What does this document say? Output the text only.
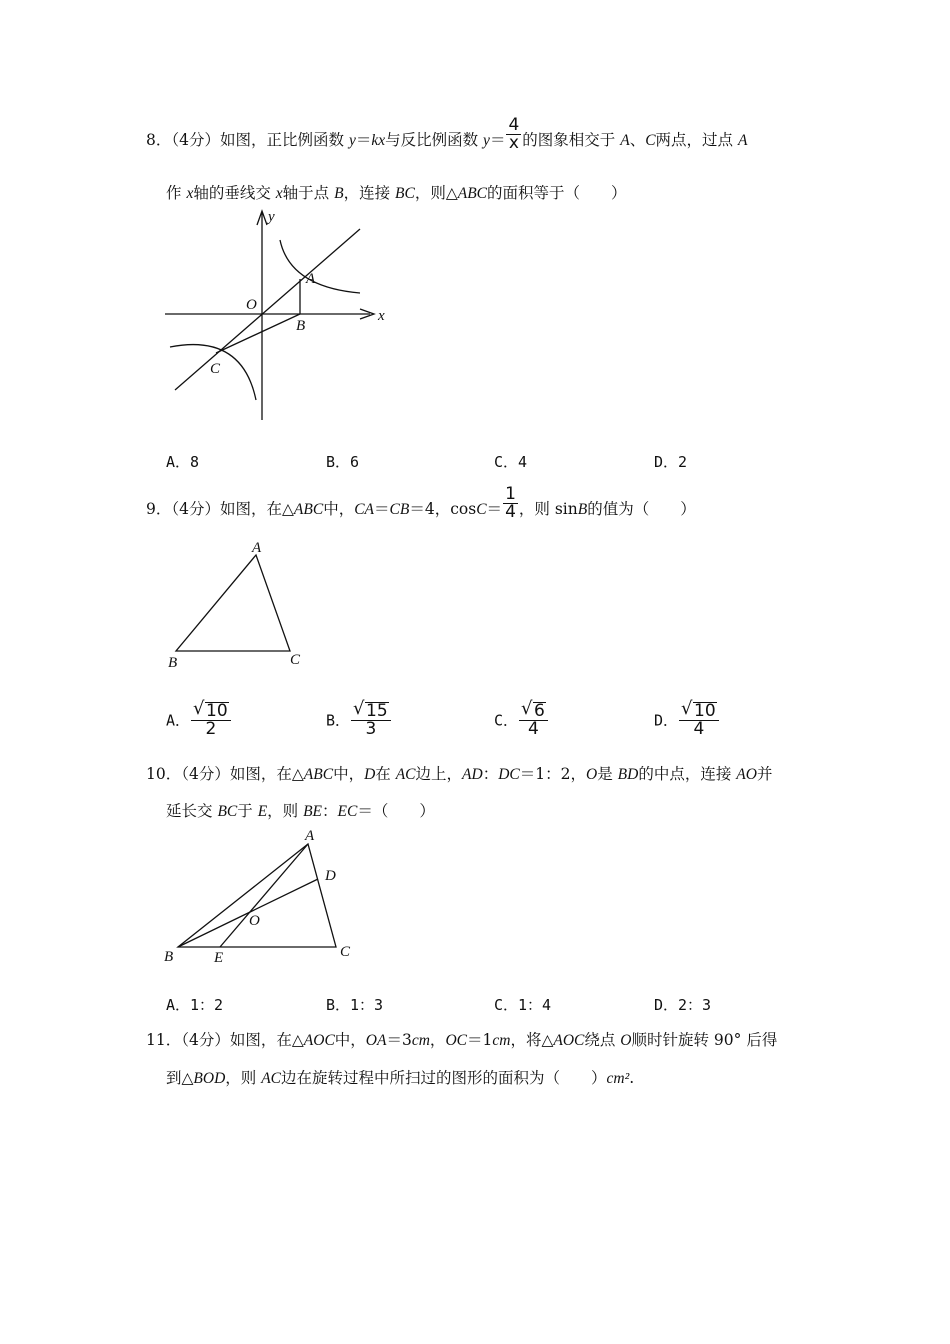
8．（4分）如图，正比例函数 y＝kx与反比例函数 $y= \frac{4}{x}$ 的图象相交于 A、C两点，过点 A
作 x轴的垂线交 x轴于点 B，连接 BC，则△ABC的面积等于（　　）
y
x
O
A
B
C
A．8	B．6	C．4	D．2
9．（4分）如图，在△ABC中，CA＝CB＝4，$\cos C= \frac{1}{4}$ ，则 sinB的值为（　　）
A
B	C
A． $\frac{√ 10}{2}$	B． $\frac{√ 15}{3}$	C． $\frac{√ 6}{4}$	D． $\frac{√ 10}{4}$
10．（4分）如图，在△ABC中，D在 AC边上，AD：DC＝1：2，O是 BD的中点，连接 AO并
延长交 BC于 E，则 BE：EC＝（　　）
A
B	C
D
E
O
A．1：2	B．1：3	C．1：4	D．2：3
11．（4分）如图，在△AOC中，OA＝3cm，OC＝1cm，将△AOC绕点 O顺时针旋转 90° 后得
到△BOD，则 AC边在旋转过程中所扫过的图形的面积为（　　）cm².
